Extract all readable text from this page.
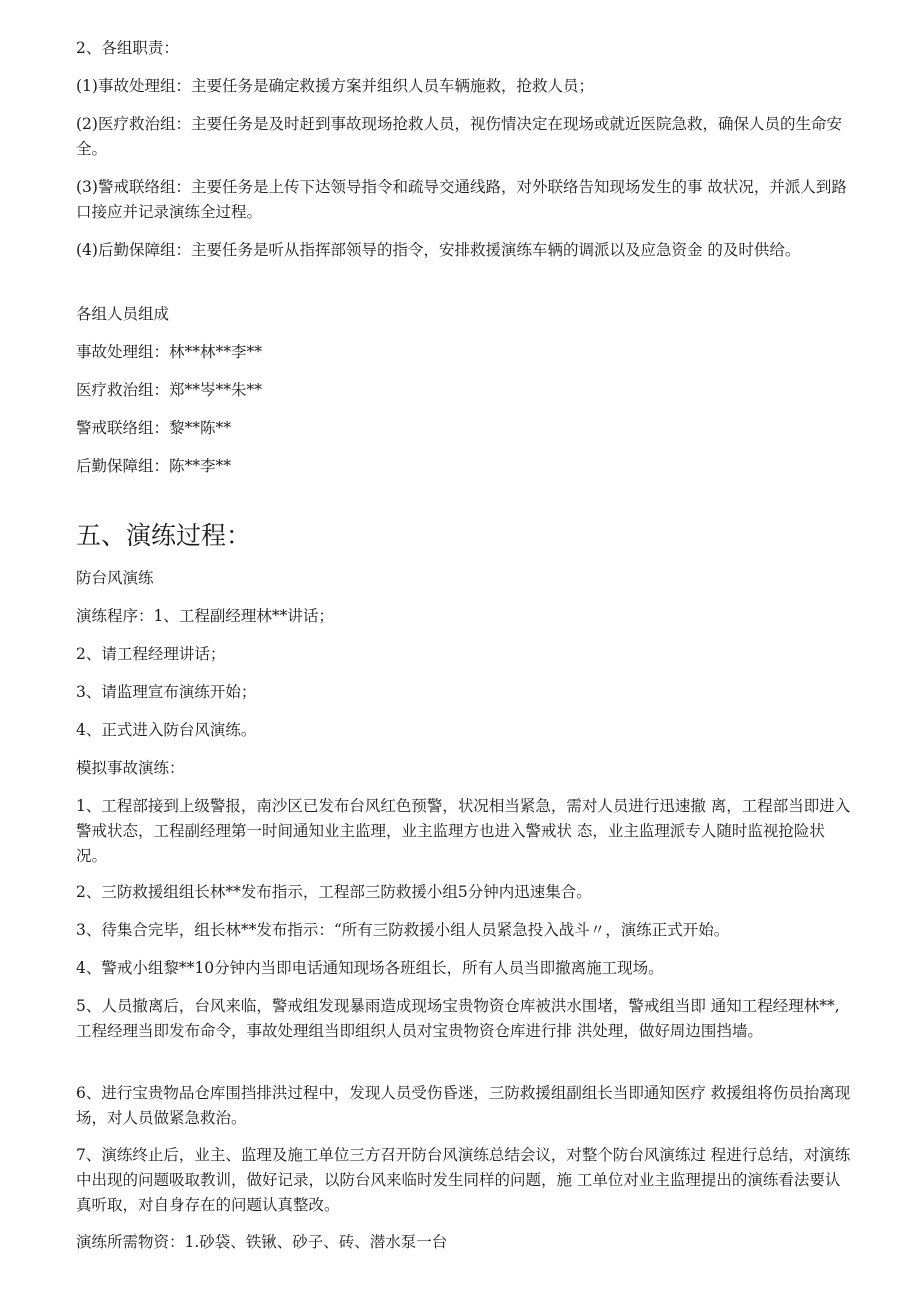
2、各组职责：

(1)事故处理组：主要任务是确定救援方案并组织人员车辆施救，抢救人员；

(2)医疗救治组：主要任务是及时赶到事故现场抢救人员，视伤情决定在现场或就近医院急救，确保人员的生命安全。

(3)警戒联络组：主要任务是上传下达领导指令和疏导交通线路，对外联络告知现场发生的事 故状况，并派人到路口接应并记录演练全过程。

(4)后勤保障组：主要任务是听从指挥部领导的指令，安排救援演练车辆的调派以及应急资金 的及时供给。

各组人员组成

事故处理组：林**林**李**

医疗救治组：郑**岑**朱**

警戒联络组：黎**陈**

后勤保障组：陈**李**

五、演练过程：

防台风演练

演练程序：1、工程副经理林**讲话；

2、请工程经理讲话；

3、请监理宣布演练开始；

4、正式进入防台风演练。

模拟事故演练：

1、工程部接到上级警报，南沙区已发布台风红色预警，状况相当紧急，需对人员进行迅速撤 离，工程部当即进入警戒状态，工程副经理第一时间通知业主监理，业主监理方也进入警戒状 态，业主监理派专人随时监视抢险状况。

2、三防救援组组长林**发布指示，工程部三防救援小组5分钟内迅速集合。

3、待集合完毕，组长林**发布指示：“所有三防救援小组人员紧急投入战斗〃，演练正式开始。

4、警戒小组黎**10分钟内当即电话通知现场各班组长，所有人员当即撤离施工现场。

5、人员撤离后，台风来临，警戒组发现暴雨造成现场宝贵物资仓库被洪水围堵，警戒组当即 通知工程经理林**, 工程经理当即发布命令，事故处理组当即组织人员对宝贵物资仓库进行排 洪处理，做好周边围挡墙。

6、进行宝贵物品仓库围挡排洪过程中，发现人员受伤昏迷，三防救援组副组长当即通知医疗 救援组将伤员抬离现场，对人员做紧急救治。

7、演练终止后，业主、监理及施工单位三方召开防台风演练总结会议，对整个防台风演练过 程进行总结，对演练中出现的问题吸取教训，做好记录，以防台风来临时发生同样的问题，施 工单位对业主监理提出的演练看法要认真听取，对自身存在的问题认真整改。

演练所需物资：1.砂袋、铁锹、砂子、砖、潜水泵一台
